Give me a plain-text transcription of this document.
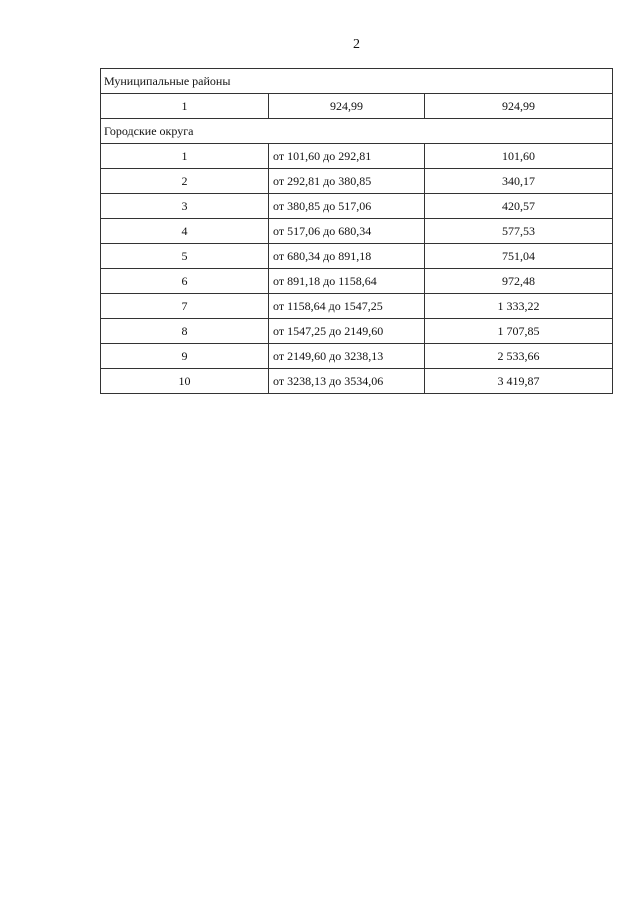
2
Муниципальные районы		
1	924,99	924,99
Городские округа		
1	от 101,60 до 292,81	101,60
2	от 292,81 до 380,85	340,17
3	от 380,85 до 517,06	420,57
4	от 517,06 до 680,34	577,53
5	от 680,34 до 891,18	751,04
6	от 891,18 до 1158,64	972,48
7	от 1158,64 до 1547,25	1 333,22
8	от 1547,25 до 2149,60	1 707,85
9	от 2149,60 до 3238,13	2 533,66
10	от 3238,13 до 3534,06	3 419,87
